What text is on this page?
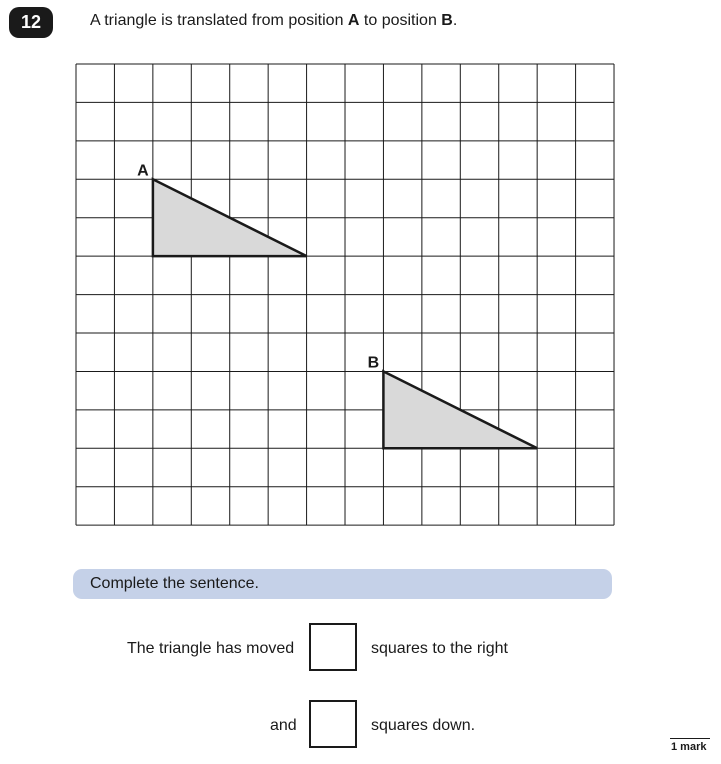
12	A triangle is translated from position A to position B.
A
B
Complete the sentence.
The triangle has moved	squares to the right
and	squares down.
1 mark
